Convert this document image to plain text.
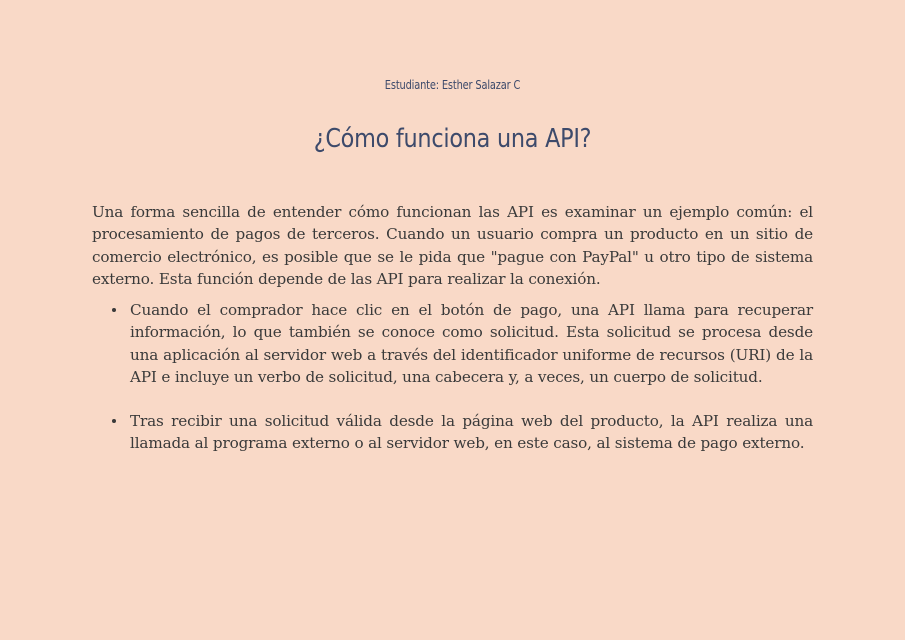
Estudiante: Esther Salazar C
¿Cómo funciona una API?

Una forma sencilla de entender cómo funcionan las API es examinar un ejemplo común: el procesamiento de pagos de terceros. Cuando un usuario compra un producto en un sitio de comercio electrónico, es posible que se le pida que "pague con PayPal" u otro tipo de sistema externo. Esta función depende de las API para realizar la conexión.

Cuando el comprador hace clic en el botón de pago, una API llama para recuperar información, lo que también se conoce como solicitud. Esta solicitud se procesa desde una aplicación al servidor web a través del identificador uniforme de recursos (URI) de la API e incluye un verbo de solicitud, una cabecera y, a veces, un cuerpo de solicitud.
Tras recibir una solicitud válida desde la página web del producto, la API realiza una llamada al programa externo o al servidor web, en este caso, al sistema de pago externo.
